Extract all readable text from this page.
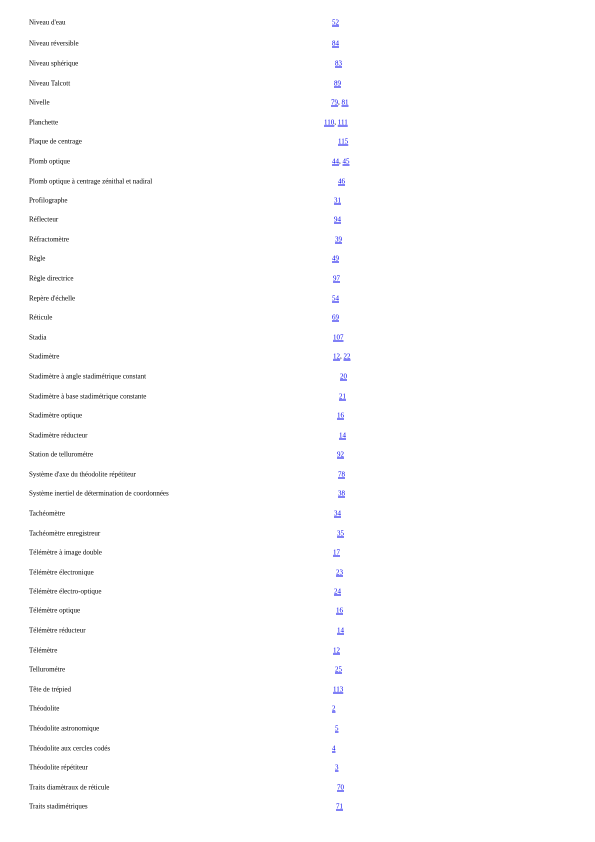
Niveau d'eau	52
Niveau réversible	84
Niveau sphérique	83
Niveau Talcott	89
Nivelle	79, 81
Planchette	110, 111
Plaque de centrage	115
Plomb optique	44, 45
Plomb optique à centrage zénithal et nadiral	46
Profilographe	31
Réflecteur	94
Réfractomètre	39
Règle	49
Règle directrice	97
Repère d'échelle	54
Réticule	69
Stadia	107
Stadimètre	12, 22
Stadimètre à angle stadimétrique constant	20
Stadimètre à base stadimétrique constante	21
Stadimètre optique	16
Stadimètre réducteur	14
Station de tellurométre	92
Système d'axe du théodolite répétiteur	78
Système inertiel de détermination de coordonnées	38
Tachéomètre	34
Tachéomètre enregistreur	35
Télémètre à image double	17
Télémètre électronique	23
Télémètre électro-optique	24
Télémètre optique	16
Télémètre réducteur	14
Télémètre	12
Tellurométre	25
Tête de trépied	113
Théodolite	2
Théodolite astronomique	5
Théodolite aux cercles codés	4
Théodolite répétiteur	3
Traits diamètraux de réticule	70
Traits stadimétriques	71
